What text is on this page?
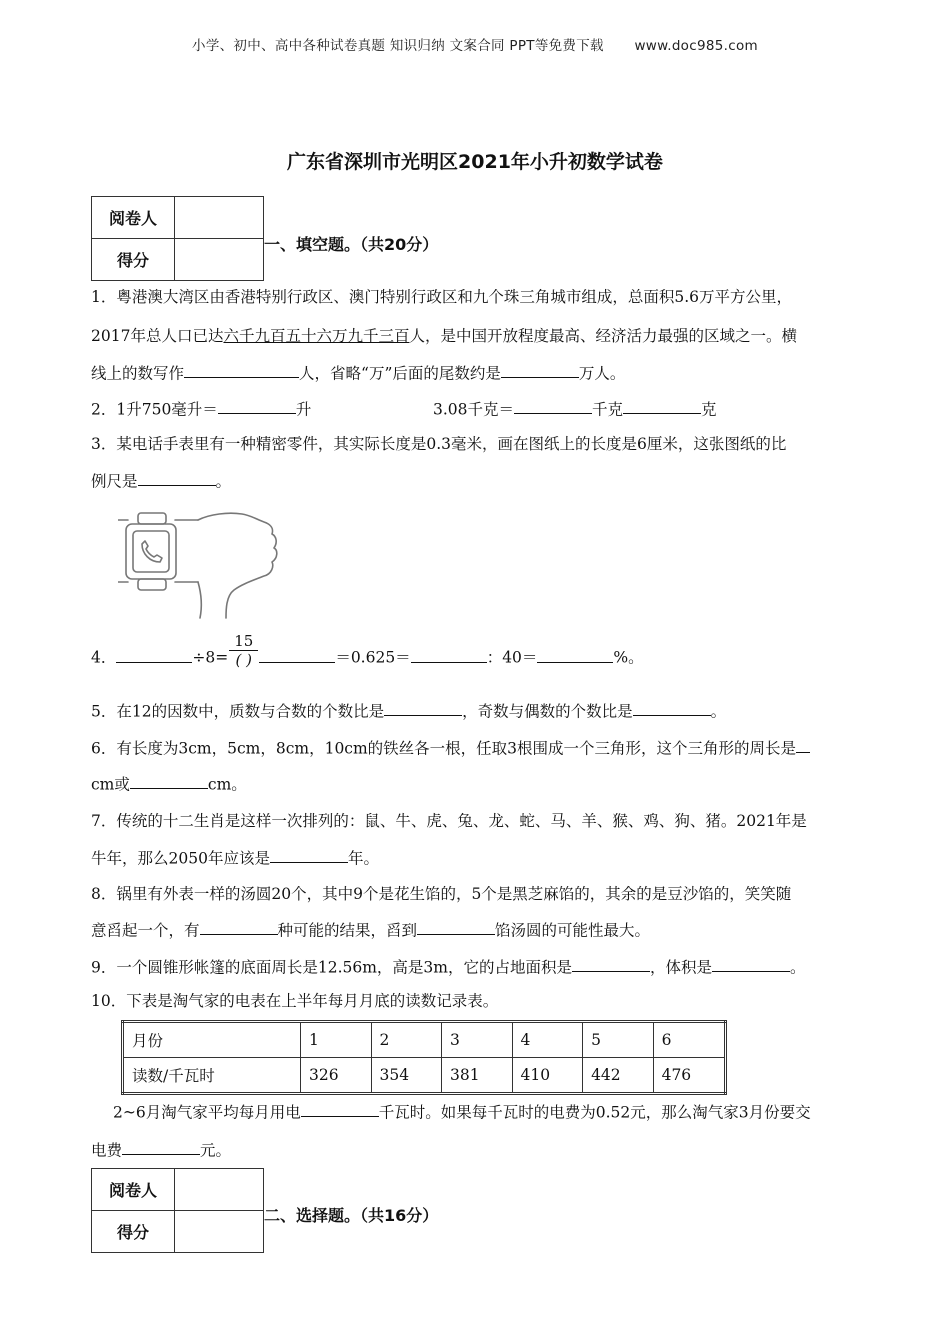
小学、初中、高中各种试卷真题 知识归纳 文案合同 PPT等免费下载 www.doc985.com
广东省深圳市光明区2021年小升初数学试卷
阅卷人	
得分	
一、填空题。（共20分）
1．粤港澳大湾区由香港特别行政区、澳门特别行政区和九个珠三角城市组成，总面积5.6万平方公里，
2017年总人口已达六千九百五十六万九千三百人，是中国开放程度最高、经济活力最强的区域之一。横
线上的数写作	人，省略“万”后面的尾数约是	万人。
2．1升750毫升＝	升	3.08千克＝	千克	克
3．某电话手表里有一种精密零件，其实际长度是0.3毫米，画在图纸上的长度是6厘米，这张图纸的比
例尺是	。
4．	$\div 8= \frac{15}{( )}$	＝0.625＝	：40＝	%。
5．在12的因数中，质数与合数的个数比是	，奇数与偶数的个数比是	。
6．有长度为3cm，5cm，8cm，10cm的铁丝各一根，任取3根围成一个三角形，这个三角形的周长是
cm或	cm。
7．传统的十二生肖是这样一次排列的：鼠、牛、虎、兔、龙、蛇、马、羊、猴、鸡、狗、猪。2021年是
牛年，那么2050年应该是	年。
8．锅里有外表一样的汤圆20个，其中9个是花生馅的，5个是黑芝麻馅的，其余的是豆沙馅的，笑笑随
意舀起一个，有	种可能的结果，舀到	馅汤圆的可能性最大。
9．一个圆锥形帐篷的底面周长是12.56m，高是3m，它的占地面积是	，体积是	。
10．下表是淘气家的电表在上半年每月月底的读数记录表。
月份	1	2	3	4	5	6
读数/千瓦时	326	354	381	410	442	476
2~6月淘气家平均每月用电	千瓦时。如果每千瓦时的电费为0.52元，那么淘气家3月份要交
电费	元。
阅卷人	
得分	
二、选择题。（共16分）
